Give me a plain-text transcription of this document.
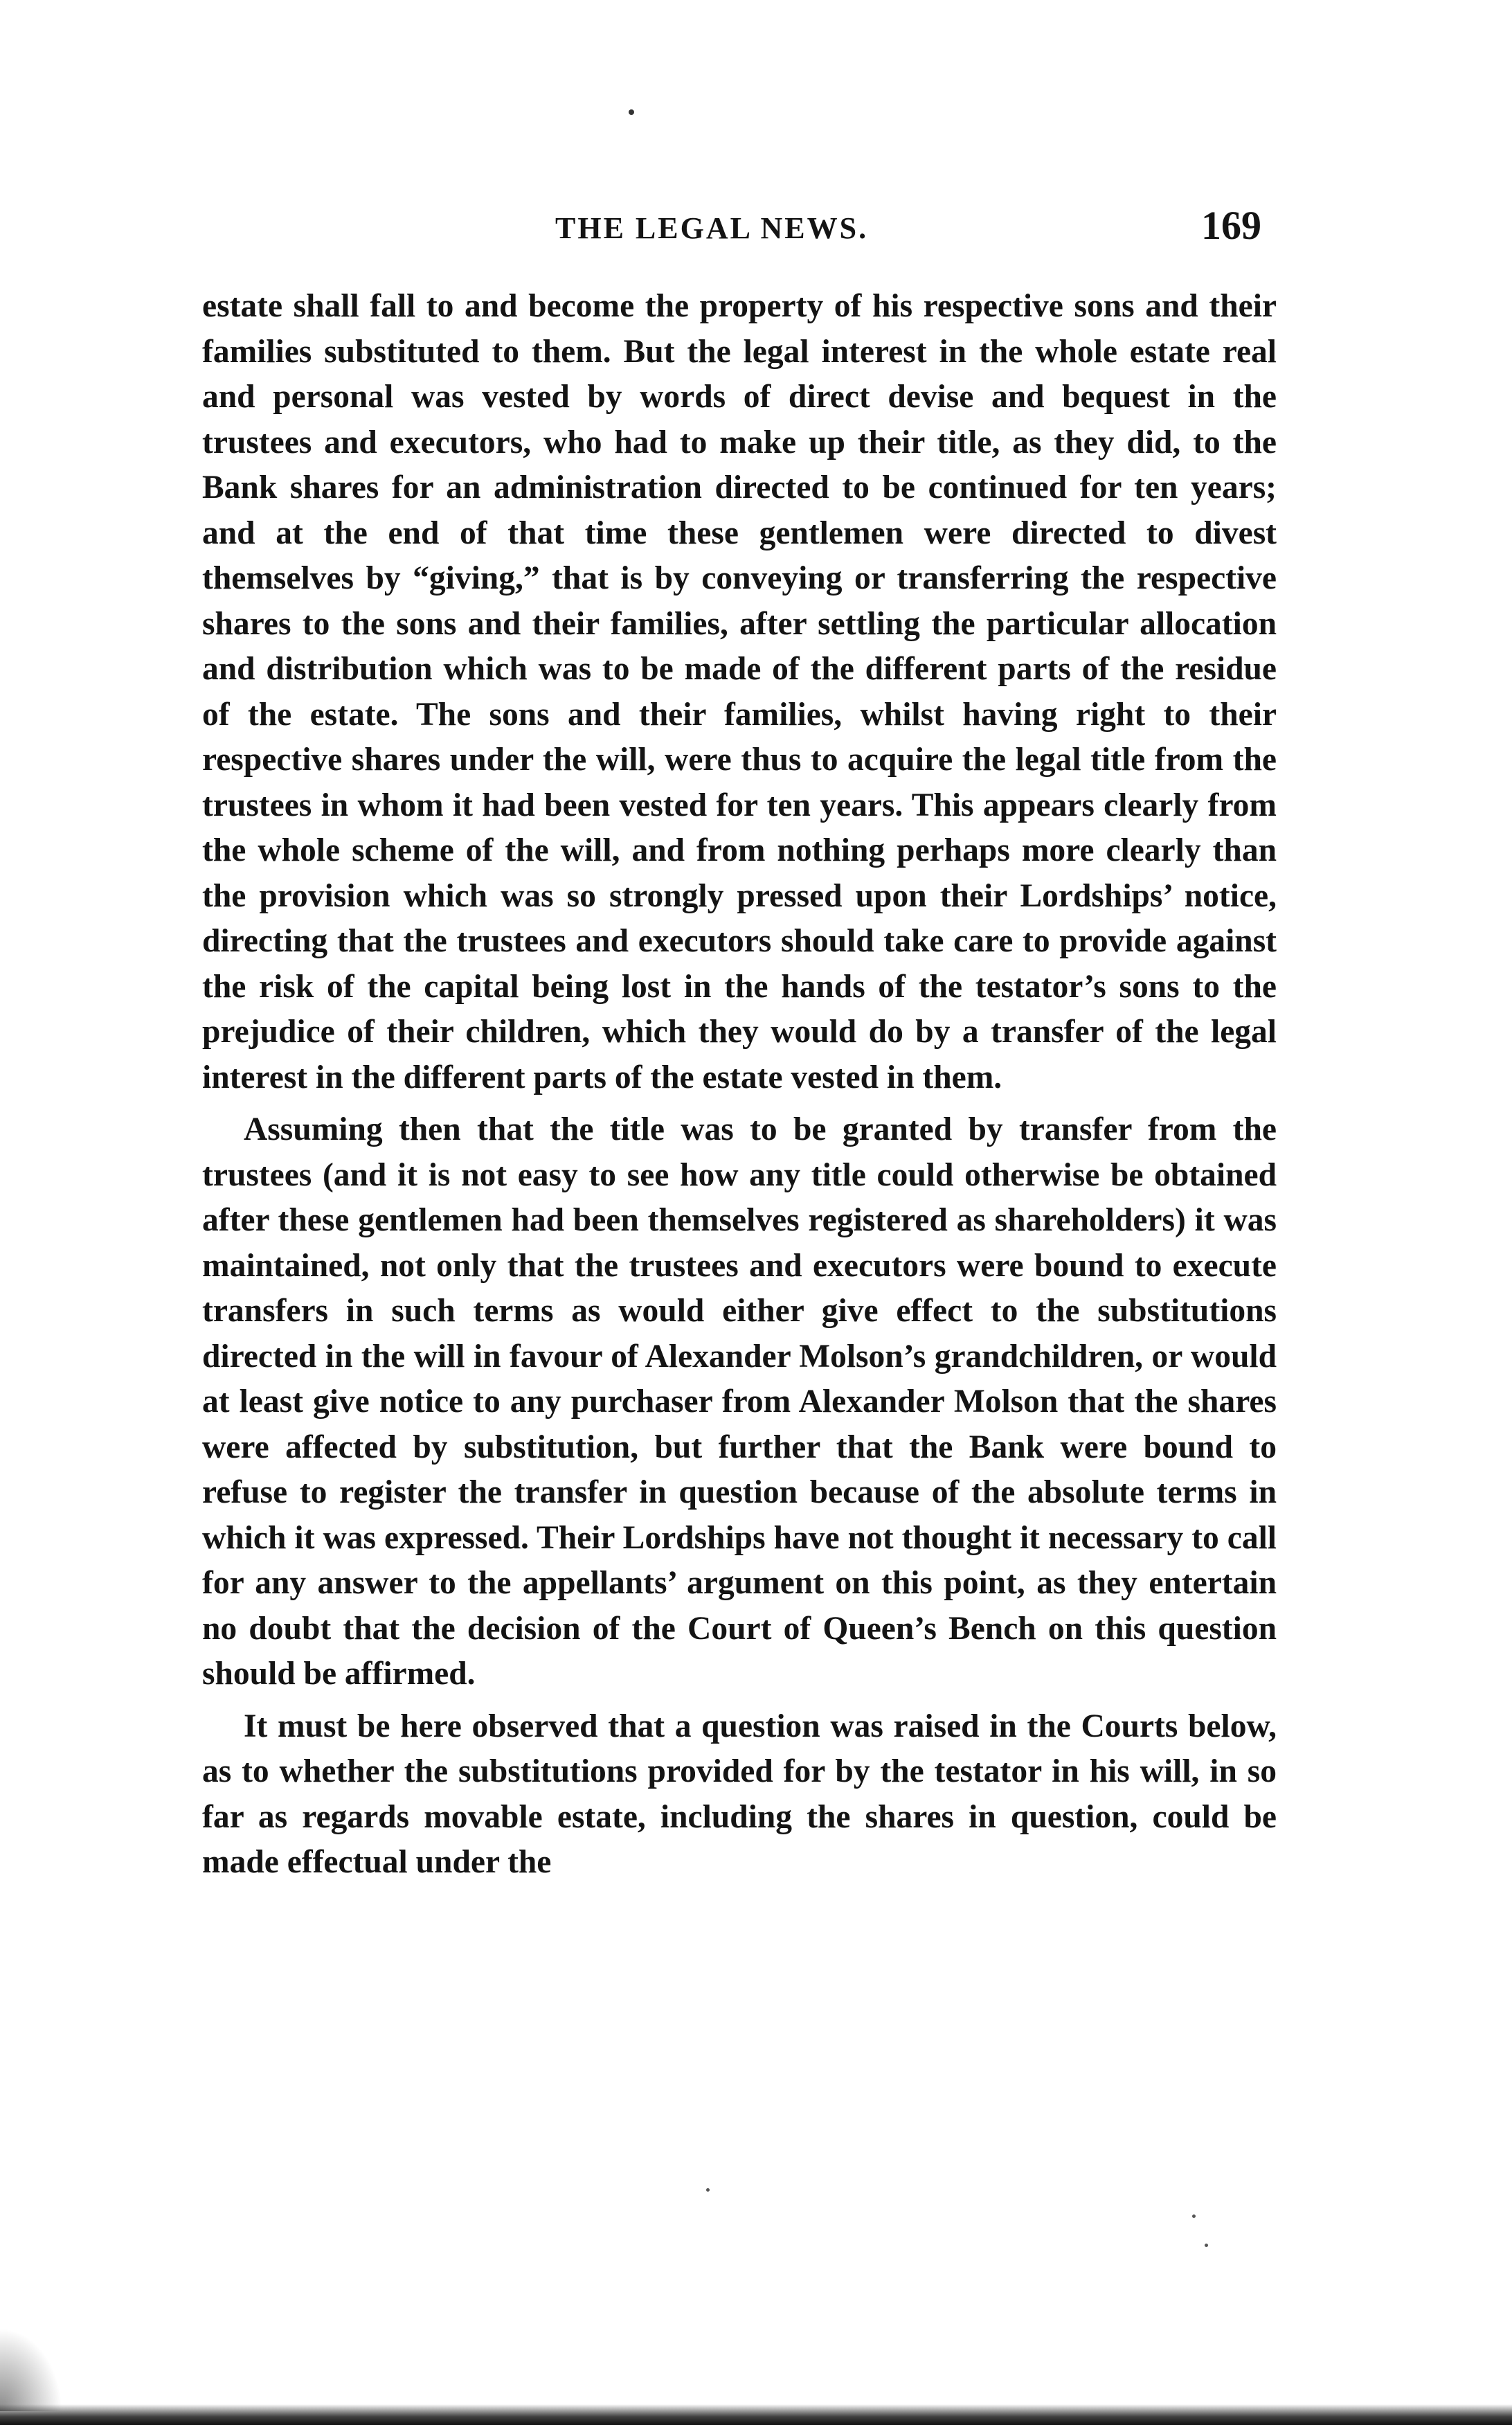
THE LEGAL NEWS.	169

estate shall fall to and become the property of his respective sons and their families substituted to them. But the legal interest in the whole estate real and personal was vested by words of direct devise and bequest in the trustees and executors, who had to make up their title, as they did, to the Bank shares for an administration directed to be continued for ten years; and at the end of that time these gentlemen were directed to divest themselves by “giving,” that is by conveying or transferring the respective shares to the sons and their families, after settling the particular allocation and distribution which was to be made of the different parts of the residue of the estate. The sons and their families, whilst having right to their respective shares under the will, were thus to acquire the legal title from the trustees in whom it had been vested for ten years. This appears clearly from the whole scheme of the will, and from nothing perhaps more clearly than the provision which was so strongly pressed upon their Lordships’ notice, directing that the trustees and executors should take care to provide against the risk of the capital being lost in the hands of the testator’s sons to the prejudice of their children, which they would do by a transfer of the legal interest in the different parts of the estate vested in them.

Assuming then that the title was to be granted by transfer from the trustees (and it is not easy to see how any title could otherwise be obtained after these gentlemen had been themselves registered as shareholders) it was maintained, not only that the trustees and executors were bound to execute transfers in such terms as would either give effect to the substitutions directed in the will in favour of Alexander Molson’s grandchildren, or would at least give notice to any purchaser from Alexander Molson that the shares were affected by substitution, but further that the Bank were bound to refuse to register the transfer in question because of the absolute terms in which it was expressed. Their Lordships have not thought it necessary to call for any answer to the appellants’ argument on this point, as they entertain no doubt that the decision of the Court of Queen’s Bench on this question should be affirmed.

It must be here observed that a question was raised in the Courts below, as to whether the substitutions provided for by the testator in his will, in so far as regards movable estate, including the shares in question, could be made effectual under the
